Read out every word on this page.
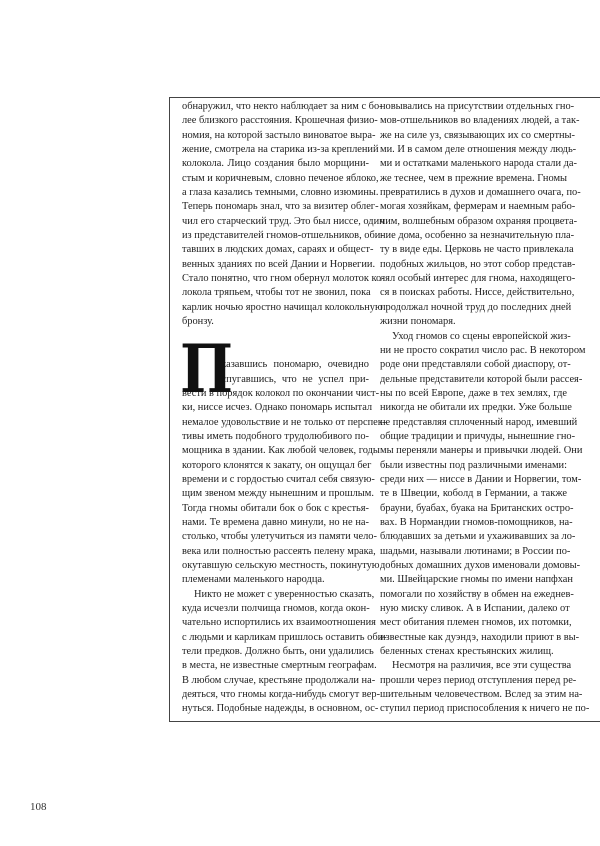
обнаружил, что некто наблюдает за ним с бо-
лее близкого расстояния. Крошечная физио-
номия, на которой застыло виноватое выра-
жение, смотрела на старика из-за креплений
колокола. Лицо создания было морщини-
стым и коричневым, словно печеное яблоко,
а глаза казались темными, словно изюмины.
Теперь пономарь знал, что за визитер облег-
чил его старческий труд. Это был ниссе, один
из представителей гномов-отшельников, оби-
тавших в людских домах, сараях и общест-
венных зданиях по всей Дании и Норвегии.
Стало понятно, что гном обернул молоток ко-
локола тряпьем, чтобы тот не звонил, пока
карлик ночью яростно начищал колокольную
бронзу.
П
оказавшись пономарю, очевидно
испугавшись, что не успел при-
вести в порядок колокол по окончании чист-
ки, ниссе исчез. Однако пономарь испытал
немалое удовольствие и не только от перспек-
тивы иметь подобного трудолюбивого по-
мощника в здании. Как любой человек, годы
которого клонятся к закату, он ощущал бег
времени и с гордостью считал себя связую-
щим звеном между нынешним и прошлым.
Тогда гномы обитали бок о бок с крестья-
нами. Те времена давно минули, но не на-
столько, чтобы улетучиться из памяти чело-
века или полностью рассеять пелену мрака,
окутавшую сельскую местность, покинутую
племенами маленького народца.
Никто не может с уверенностью сказать,
куда исчезли полчища гномов, когда окон-
чательно испортились их взаимоотношения
с людьми и карликам пришлось оставить оби-
тели предков. Должно быть, они удалились
в места, не известные смертным географам.
В любом случае, крестьяне продолжали на-
деяться, что гномы когда-нибудь смогут вер-
нуться. Подобные надежды, в основном, ос-
новывались на присутствии отдельных гно-
мов-отшельников во владениях людей, а так-
же на силе уз, связывающих их со смертны-
ми. И в самом деле отношения между людь-
ми и остатками маленького народа стали да-
же теснее, чем в прежние времена. Гномы
превратились в духов и домашнего очага, по-
могая хозяйкам, фермерам и наемным рабо-
чим, волшебным образом охраняя процвета-
ние дома, особенно за незначительную пла-
ту в виде еды. Церковь не часто привлекала
подобных жильцов, но этот собор представ-
лял особый интерес для гнома, находящего-
ся в поисках работы. Ниссе, действительно,
продолжал ночной труд до последних дней
жизни пономаря.
Уход гномов со сцены европейской жиз-
ни не просто сократил число рас. В некотором
роде они представляли собой диаспору, от-
дельные представители которой были рассея-
ны по всей Европе, даже в тех землях, где
никогда не обитали их предки. Уже больше
не представляя сплоченный народ, имевший
общие традиции и причуды, нынешние гно-
мы переняли манеры и привычки людей. Они
были известны под различными именами:
среди них — ниссе в Дании и Норвегии, том-
те в Швеции, коболд в Германии, а также
брауни, буабах, буака на Британских остро-
вах. В Нормандии гномов-помощников, на-
блюдавших за детьми и ухаживавших за ло-
шадьми, называли лютинами; в России по-
добных домашних духов именовали домовы-
ми. Швейцарские гномы по имени напфхан
помогали по хозяйству в обмен на ежеднев-
ную миску сливок. А в Испании, далеко от
мест обитания племен гномов, их потомки,
известные как дуэндэ, находили приют в вы-
беленных стенах крестьянских жилищ.
Несмотря на различия, все эти существа
прошли через период отступления перед ре-
шительным человечеством. Вслед за этим на-
ступил период приспособления к ничего не по-
108
